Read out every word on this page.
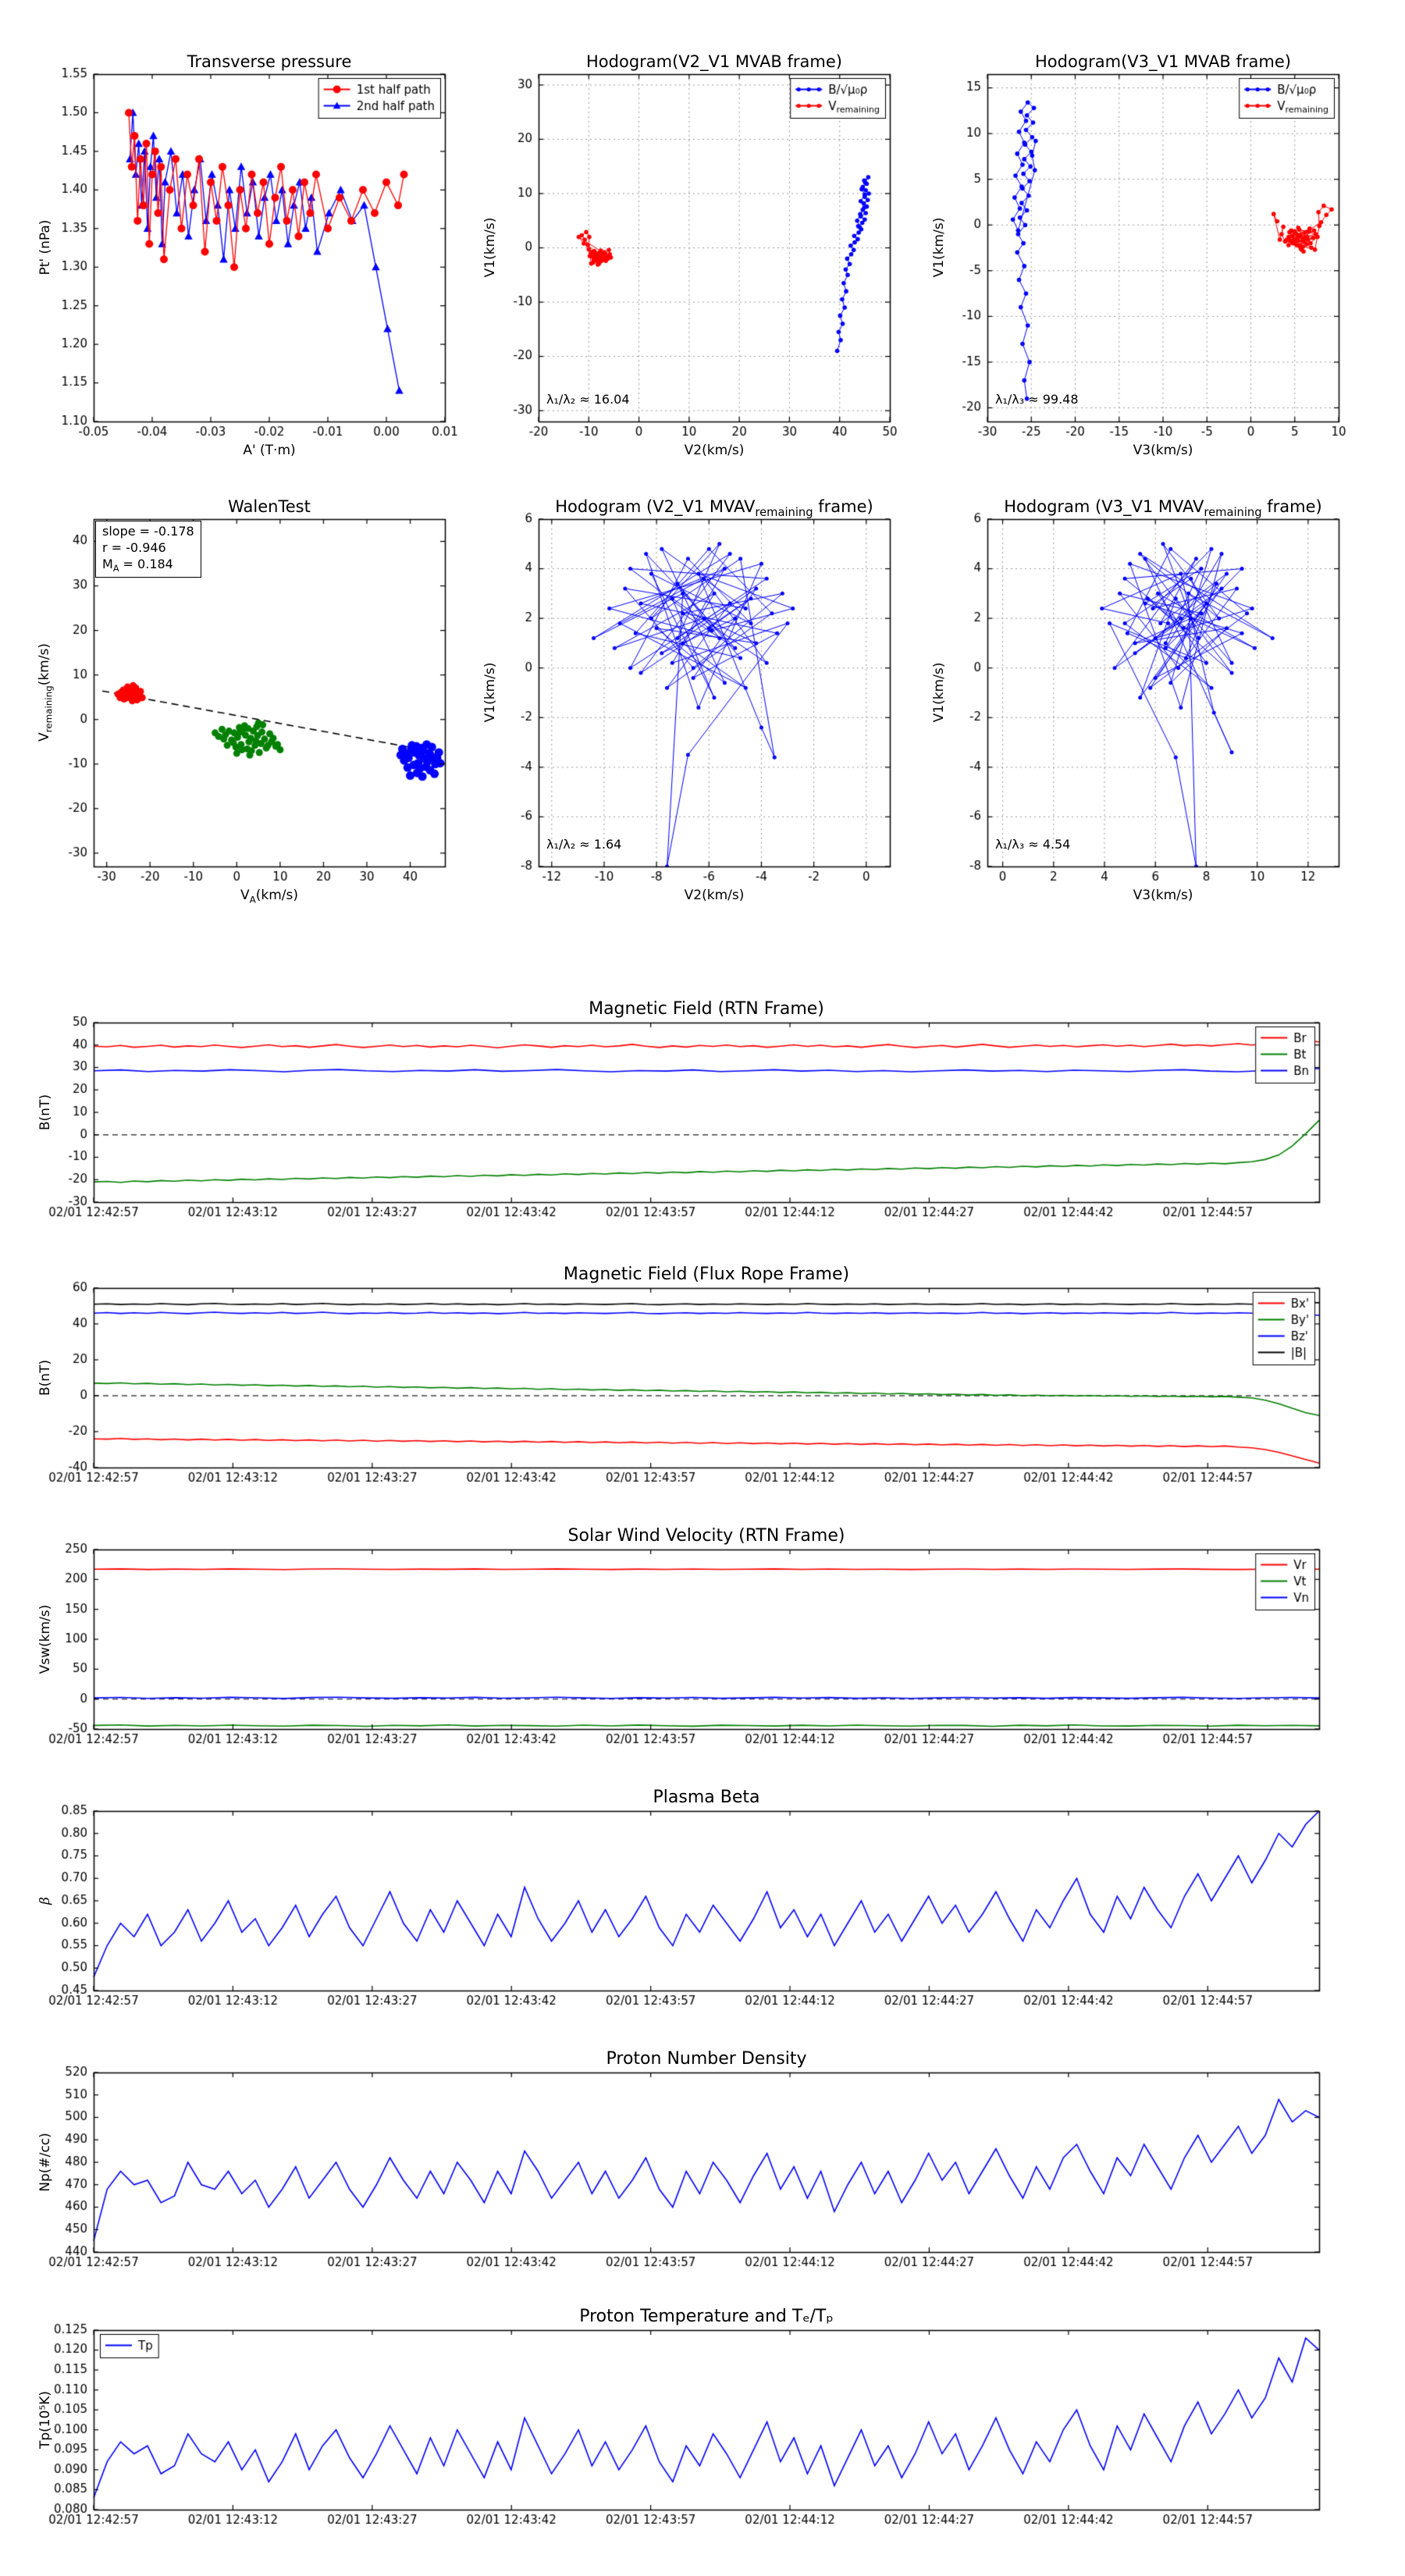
Transverse pressure
Pt' (nPa)
A' (T·m)
Hodogram(V2_V1 MVAB frame)
V1(km/s)
V2(km/s)
λ₁/λ₂ ≈ 16.04
Hodogram(V3_V1 MVAB frame)
V1(km/s)
V3(km/s)
λ₁/λ₃ ≈ 99.48
WalenTest
$V_{remaining}(km/s)$
$V_A(km/s)$
slope = -0.178
r = -0.946
$M_A = 0.184$
Hodogram (V2_V1 $MVAV_{remaining}$ frame)
V1(km/s)
V2(km/s)
λ₁/λ₂ ≈ 1.64
Hodogram (V3_V1 $MVAV_{remaining}$ frame)
V1(km/s)
V3(km/s)
λ₁/λ₃ ≈ 4.54
Magnetic Field (RTN Frame)
B(nT)
Magnetic Field (Flux Rope Frame)
B(nT)
Solar Wind Velocity (RTN Frame)
Vsw(km/s)
Plasma Beta
β
Proton Number Density
Np(#/cc)
Proton Temperature and Tₑ/Tₚ
Tp(10⁵K)
